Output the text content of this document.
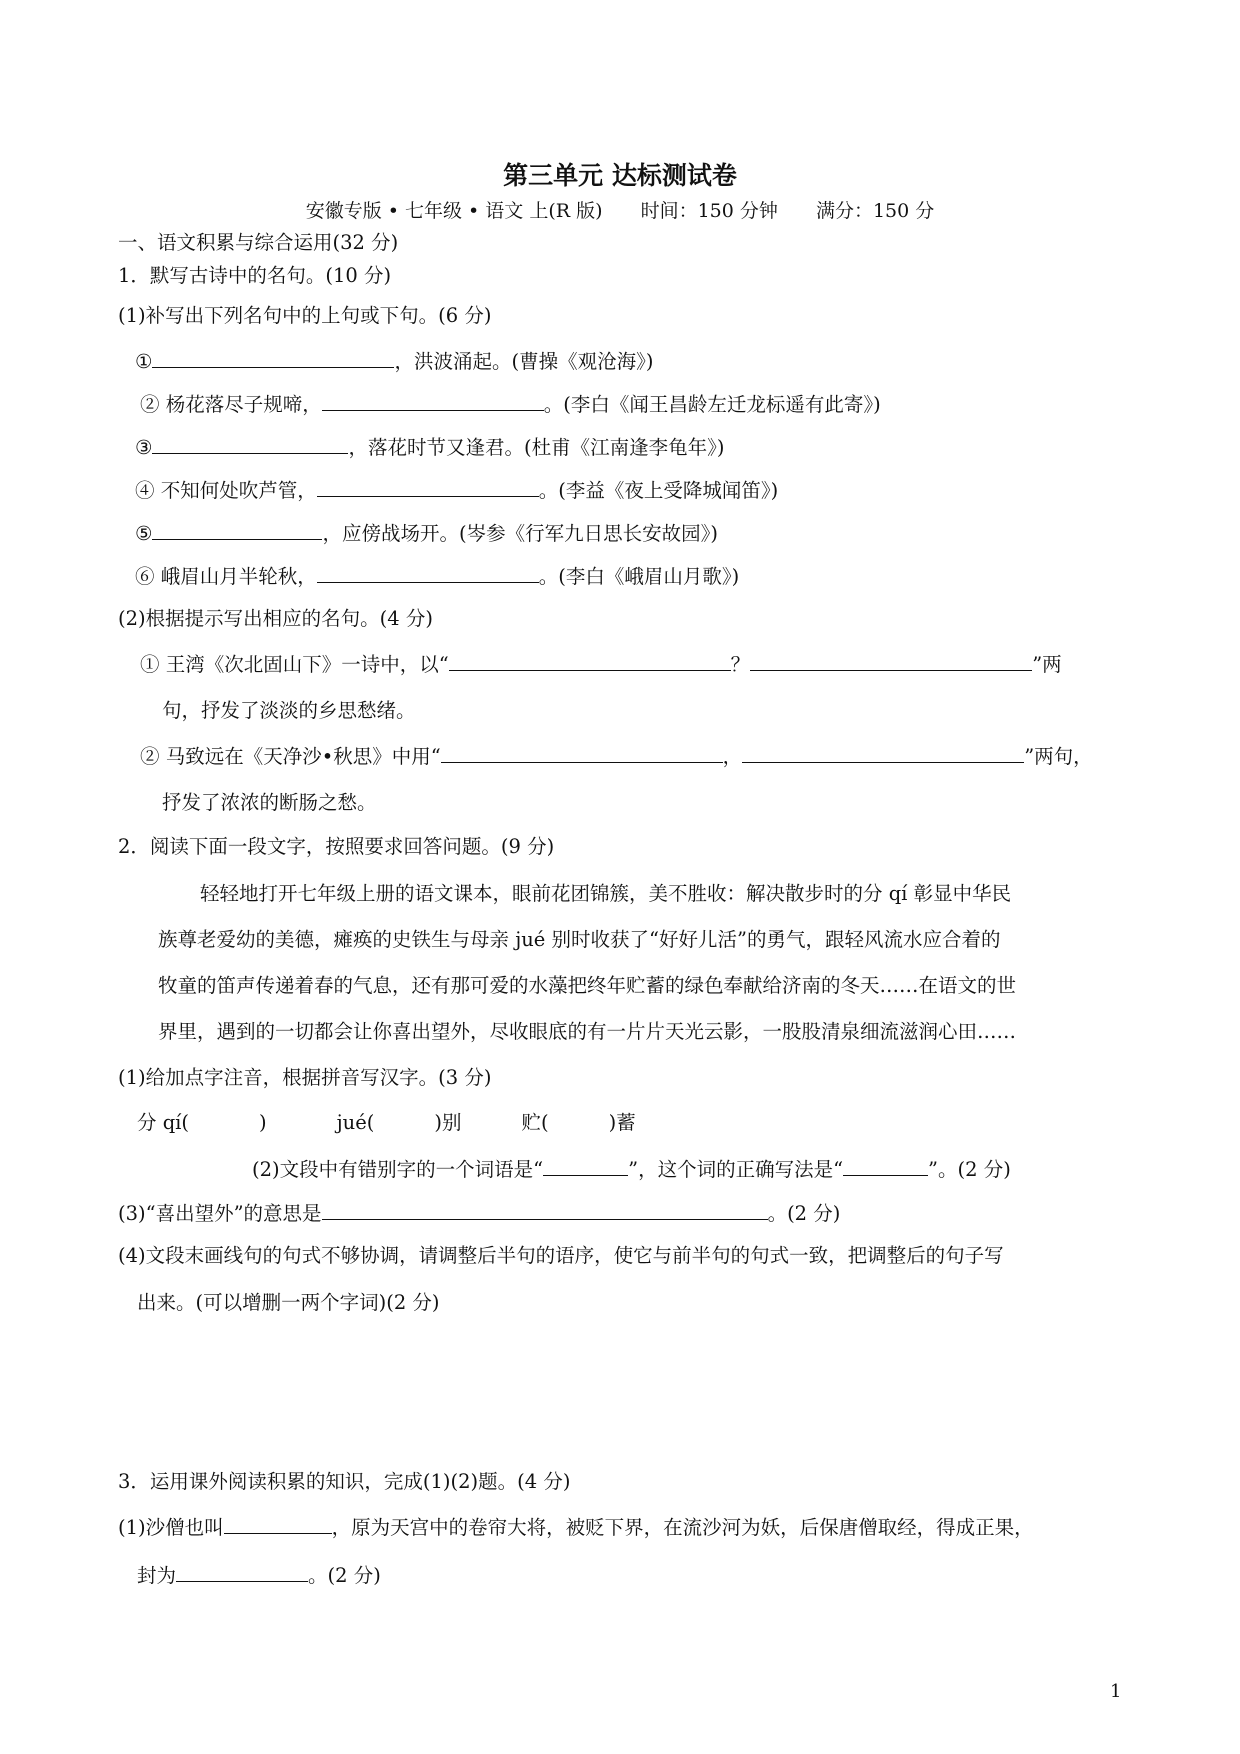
第三单元 达标测试卷
安徽专版 • 七年级 • 语文 上(R 版) 时间：150 分钟 满分：150 分
一、语文积累与综合运用(32 分)
1．默写古诗中的名句。(10 分)
(1)补写出下列名句中的上句或下句。(6 分)
①	，洪波涌起。(曹操《观沧海》)
② 杨花落尽子规啼，	。(李白《闻王昌龄左迁龙标遥有此寄》)
③	，落花时节又逢君。(杜甫《江南逢李龟年》)
④ 不知何处吹芦管，	。(李益《夜上受降城闻笛》)
⑤	，应傍战场开。(岑参《行军九日思长安故园》)
⑥ 峨眉山月半轮秋，	。(李白《峨眉山月歌》)
(2)根据提示写出相应的名句。(4 分)
① 王湾《次北固山下》一诗中，以“	？	”两
句，抒发了淡淡的乡思愁绪。
② 马致远在《天净沙•秋思》中用“	，	”两句，
抒发了浓浓的断肠之愁。
2．阅读下面一段文字，按照要求回答问题。(9 分)
轻轻地打开七年级上册的语文课本，眼前花团锦簇，美不胜收：解决散步时的分 qí 彰显中华民
族尊老爱幼的美德，瘫痪的史铁生与母亲 jué 别时收获了“好好儿活”的勇气，跟轻风流水应合着的
牧童的笛声传递着春的气息，还有那可爱的水藻把终年贮蓄的绿色奉献给济南的冬天……在语文的世
界里，遇到的一切都会让你喜出望外，尽收眼底的有一片片天光云影，一股股清泉细流滋润心田……
(1)给加点字注音，根据拼音写汉字。(3 分)
分 qí(	)	jué(	)别	贮(	)蓄
(2)文段中有错别字的一个词语是“	”，这个词的正确写法是“	”。(2 分)
(3)“喜出望外”的意思是	。(2 分)
(4)文段末画线句的句式不够协调，请调整后半句的语序，使它与前半句的句式一致，把调整后的句子写
出来。(可以增删一两个字词)(2 分)
3．运用课外阅读积累的知识，完成(1)(2)题。(4 分)
(1)沙僧也叫	，原为天宫中的卷帘大将，被贬下界，在流沙河为妖，后保唐僧取经，得成正果，
封为	。(2 分)
1
